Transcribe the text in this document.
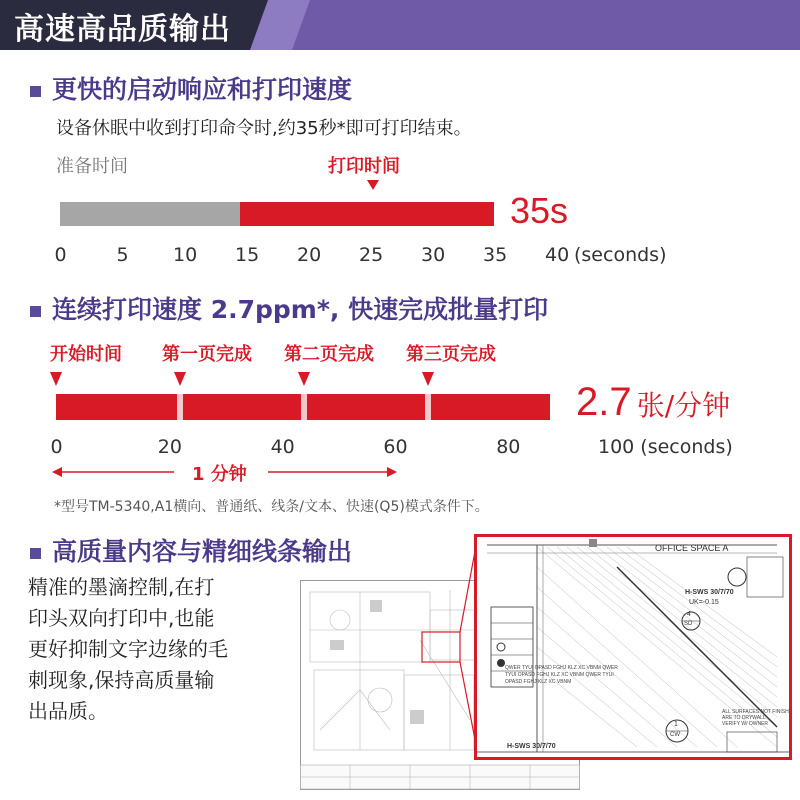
高速高品质输出
更快的启动响应和打印速度
设备休眠中收到打印命令时,约35秒*即可打印结束。
准备时间	打印时间
35s
0	5 10 15 20 25 30 35 40 (seconds)
连续打印速度 2.7ppm*, 快速完成批量打印
开始时间 第一页完成 第二页完成 第三页完成
2.7 张/分钟
0	20	40	60	80	100 (seconds)
1 分钟
*型号TM-5340,A1横向、普通纸、线条/文本、快速(Q5)模式条件下。
高质量内容与精细线条输出
精准的墨滴控制,在打
印头双向打印中,也能
更好抑制文字边缘的毛
刺现象,保持高质量输
出品质。
OFFICE SPACE A
H-SWS 30/7/70
UK=-0.15
4
SD
1
CW
H-SWS 30/7/70
QWER TYUI OPASD FGHJ KLZ XC VBNM QWER
TYUI OPASD FGHJ KLZ XC VBNM QWER TYUI
OPASD FGHJ KLZ XC VBNM
ALL SURFACES NOT FINISH
ARE TO DRYWALL
VERIFY W/ OWNER
